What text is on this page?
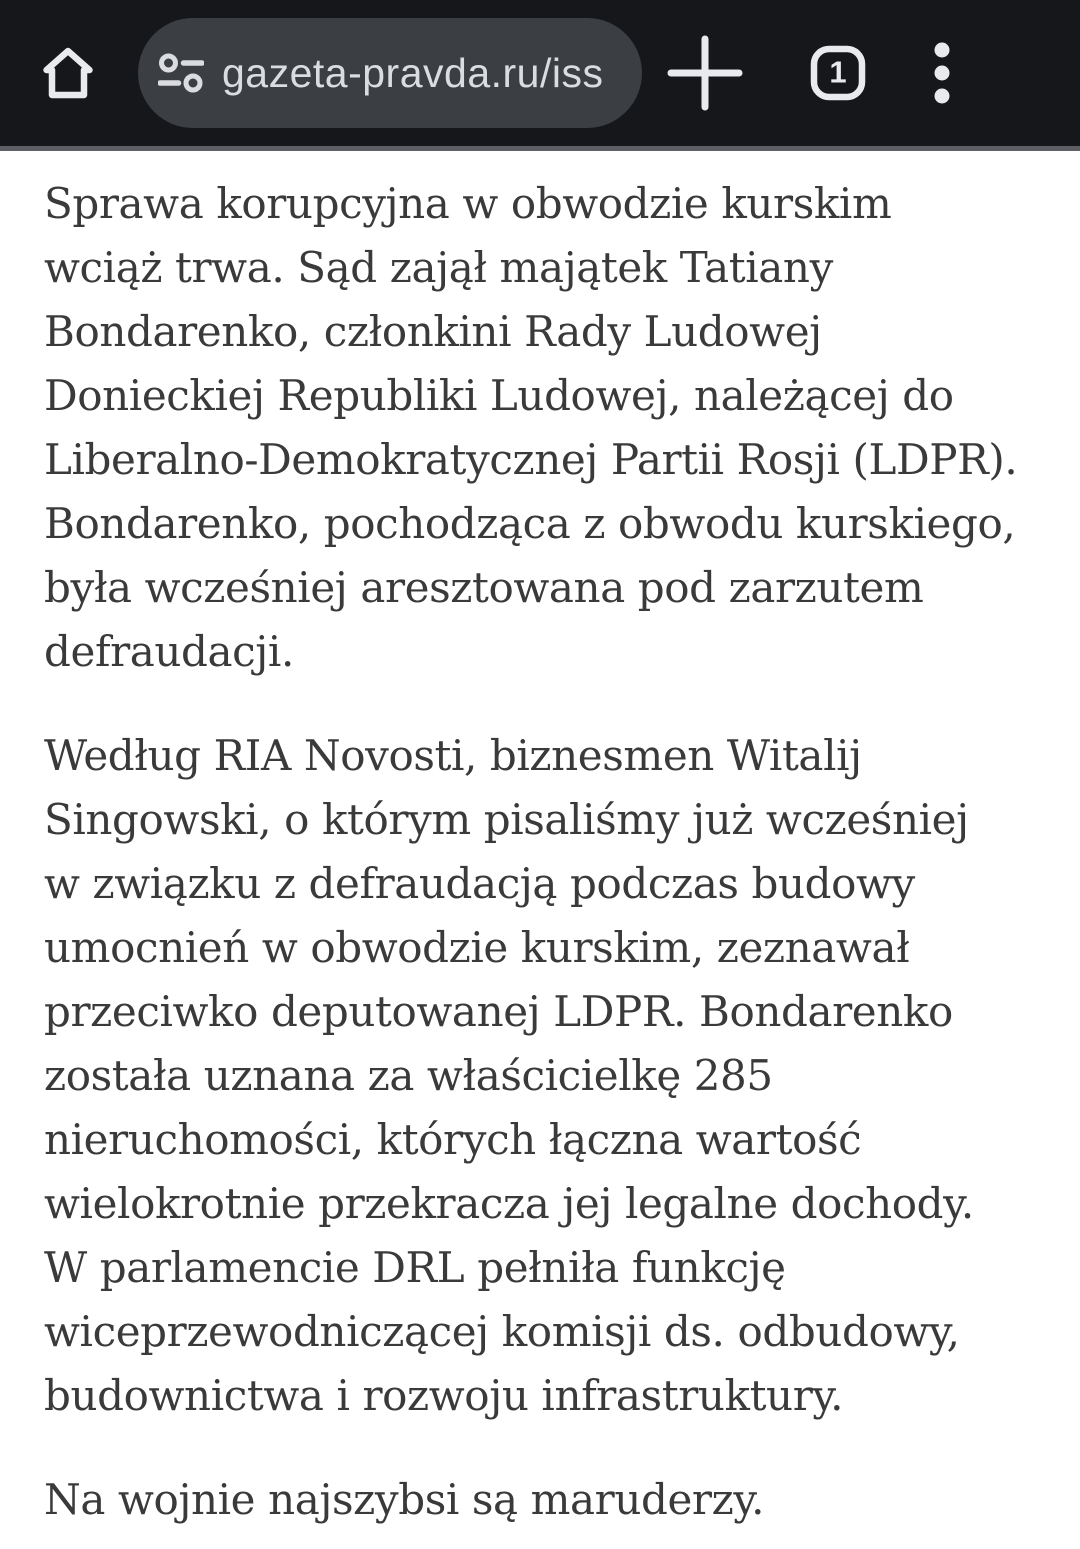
gazeta-pravda.ru/iss	1

Sprawa korupcyjna w obwodzie kurskim
wciąż trwa. Sąd zajął majątek Tatiany
Bondarenko, członkini Rady Ludowej
Donieckiej Republiki Ludowej, należącej do
Liberalno-Demokratycznej Partii Rosji (LDPR).
Bondarenko, pochodząca z obwodu kurskiego,
była wcześniej aresztowana pod zarzutem
defraudacji.

Według RIA Novosti, biznesmen Witalij
Singowski, o którym pisaliśmy już wcześniej
w związku z defraudacją podczas budowy
umocnień w obwodzie kurskim, zeznawał
przeciwko deputowanej LDPR. Bondarenko
została uznana za właścicielkę 285
nieruchomości, których łączna wartość
wielokrotnie przekracza jej legalne dochody.
W parlamencie DRL pełniła funkcję
wiceprzewodniczącej komisji ds. odbudowy,
budownictwa i rozwoju infrastruktury.

Na wojnie najszybsi są maruderzy.
